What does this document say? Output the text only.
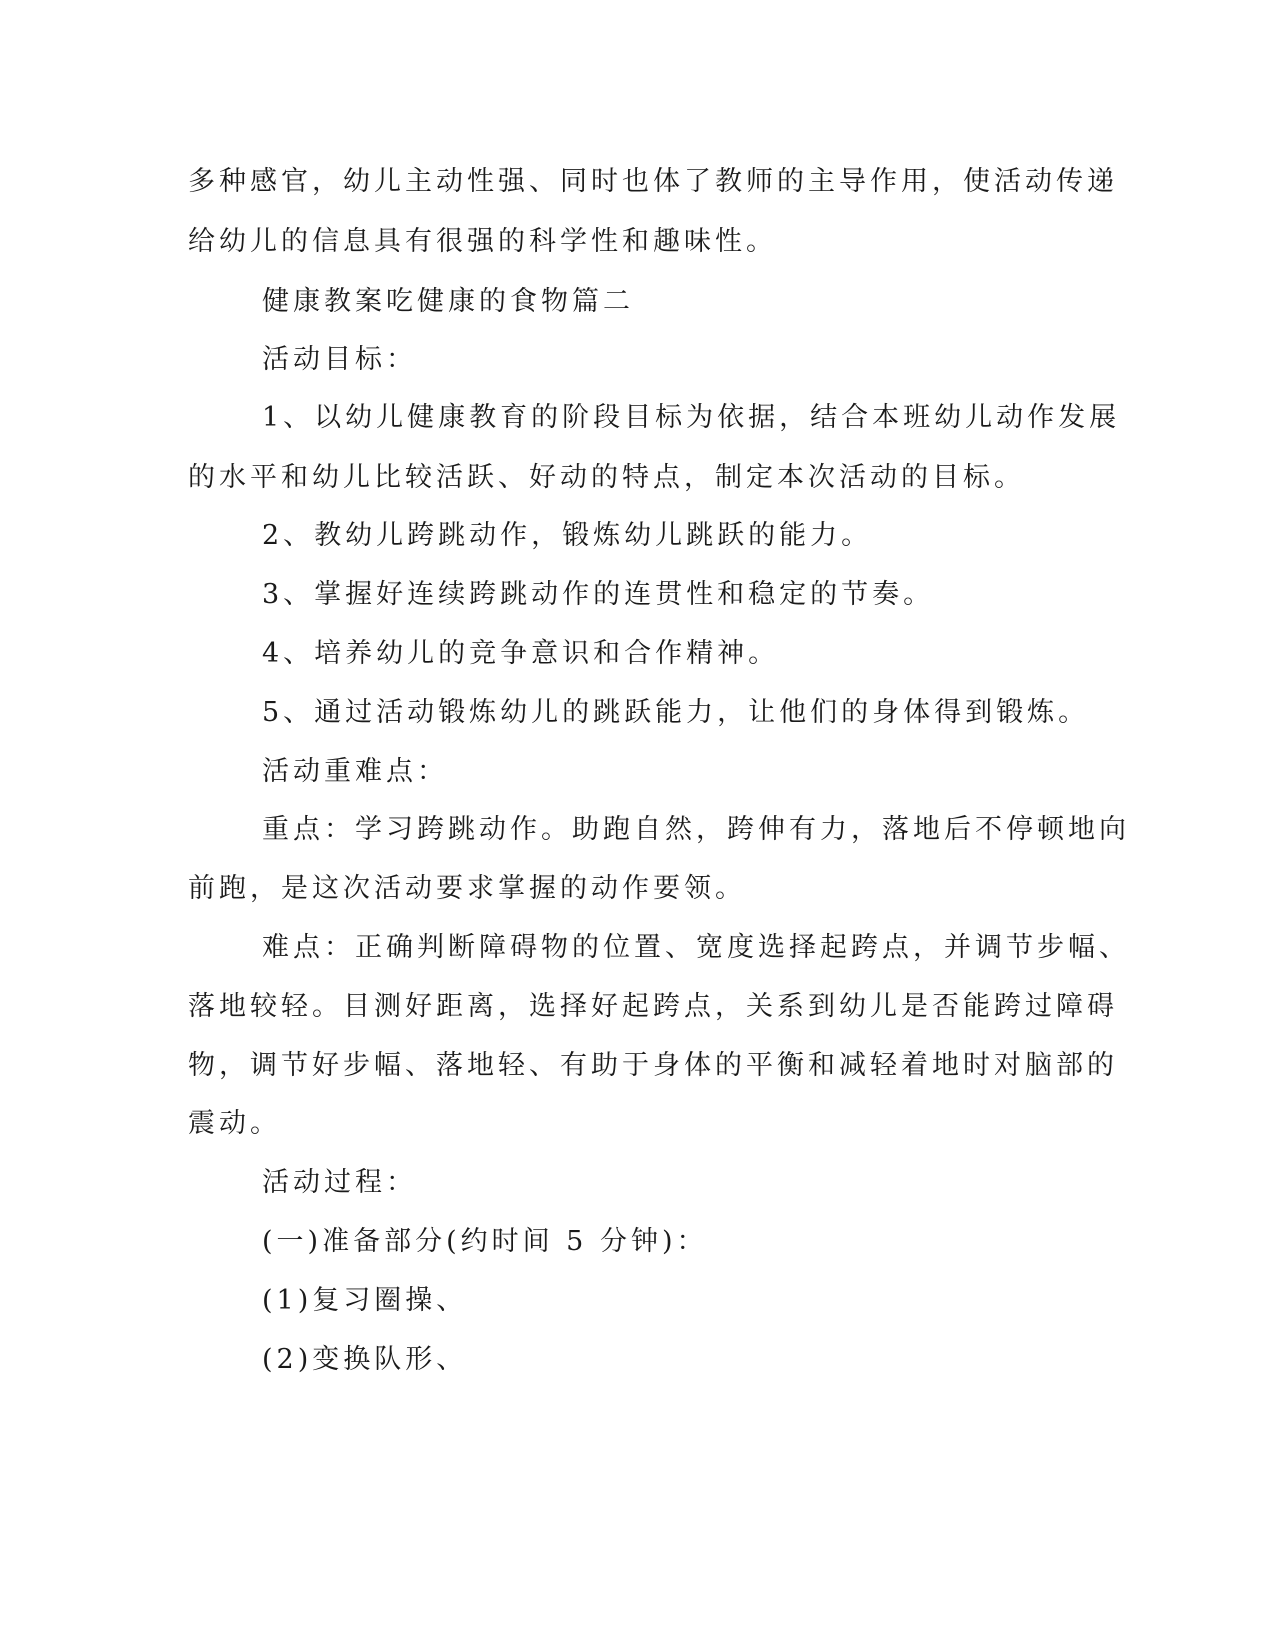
多种感官，幼儿主动性强、同时也体了教师的主导作用，使活动传递
给幼儿的信息具有很强的科学性和趣味性。
健康教案吃健康的食物篇二
活动目标：
1、以幼儿健康教育的阶段目标为依据，结合本班幼儿动作发展
的水平和幼儿比较活跃、好动的特点，制定本次活动的目标。
2、教幼儿跨跳动作，锻炼幼儿跳跃的能力。
3、掌握好连续跨跳动作的连贯性和稳定的节奏。
4、培养幼儿的竞争意识和合作精神。
5、通过活动锻炼幼儿的跳跃能力，让他们的身体得到锻炼。
活动重难点：
重点：学习跨跳动作。助跑自然，跨伸有力，落地后不停顿地向
前跑，是这次活动要求掌握的动作要领。
难点：正确判断障碍物的位置、宽度选择起跨点，并调节步幅、
落地较轻。目测好距离，选择好起跨点，关系到幼儿是否能跨过障碍
物，调节好步幅、落地轻、有助于身体的平衡和减轻着地时对脑部的
震动。
活动过程：
(一)准备部分(约时间 5 分钟)：
(1)复习圈操、
(2)变换队形、
